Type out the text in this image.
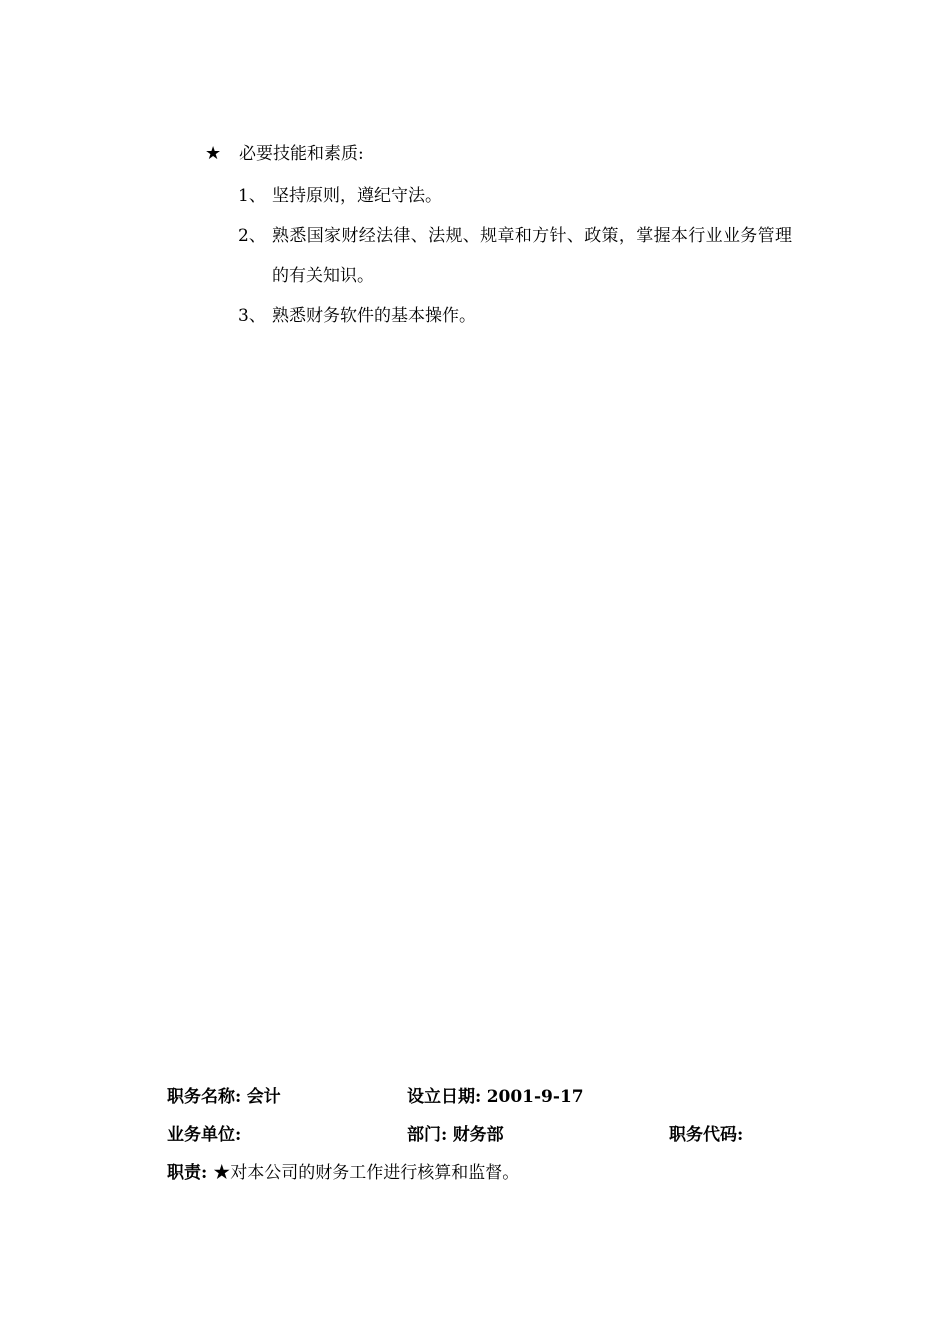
★ 必要技能和素质:
1、 坚持原则，遵纪守法。
2、 熟悉国家财经法律、法规、规章和方针、政策，掌握本行业业务管理的有关知识。
3、 熟悉财务软件的基本操作。
职务名称: 会计	设立日期: 2001-9-17
业务单位:	部门: 财务部	职务代码:
职责: ★对本公司的财务工作进行核算和监督。
